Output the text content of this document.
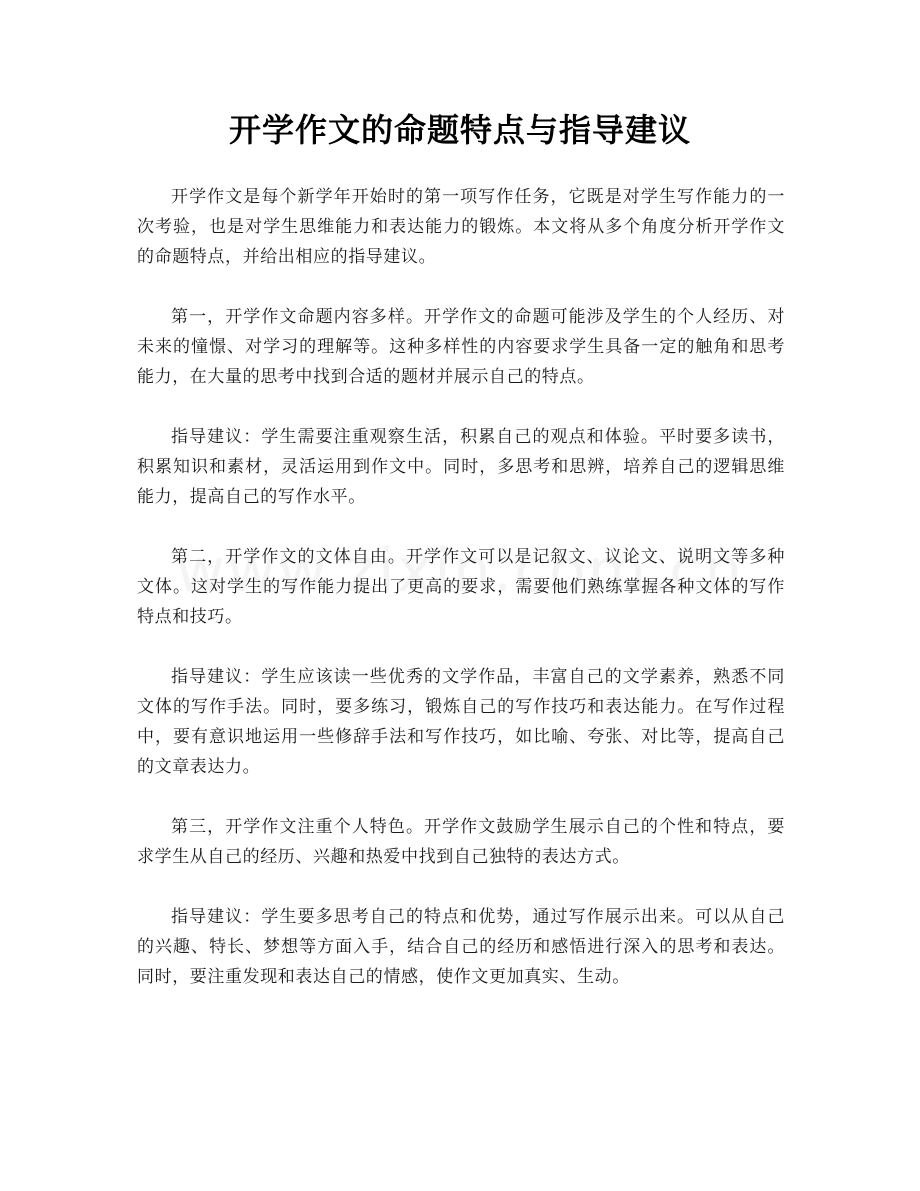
开学作文的命题特点与指导建议

开学作文是每个新学年开始时的第一项写作任务，它既是对学生写作能力的一次考验，也是对学生思维能力和表达能力的锻炼。本文将从多个角度分析开学作文的命题特点，并给出相应的指导建议。

第一，开学作文命题内容多样。开学作文的命题可能涉及学生的个人经历、对未来的憧憬、对学习的理解等。这种多样性的内容要求学生具备一定的触角和思考能力，在大量的思考中找到合适的题材并展示自己的特点。

指导建议：学生需要注重观察生活，积累自己的观点和体验。平时要多读书，积累知识和素材，灵活运用到作文中。同时，多思考和思辨，培养自己的逻辑思维能力，提高自己的写作水平。

第二，开学作文的文体自由。开学作文可以是记叙文、议论文、说明文等多种文体。这对学生的写作能力提出了更高的要求，需要他们熟练掌握各种文体的写作特点和技巧。

指导建议：学生应该读一些优秀的文学作品，丰富自己的文学素养，熟悉不同文体的写作手法。同时，要多练习，锻炼自己的写作技巧和表达能力。在写作过程中，要有意识地运用一些修辞手法和写作技巧，如比喻、夸张、对比等，提高自己的文章表达力。

第三，开学作文注重个人特色。开学作文鼓励学生展示自己的个性和特点，要求学生从自己的经历、兴趣和热爱中找到自己独特的表达方式。

指导建议：学生要多思考自己的特点和优势，通过写作展示出来。可以从自己的兴趣、特长、梦想等方面入手，结合自己的经历和感悟进行深入的思考和表达。同时，要注重发现和表达自己的情感，使作文更加真实、生动。
